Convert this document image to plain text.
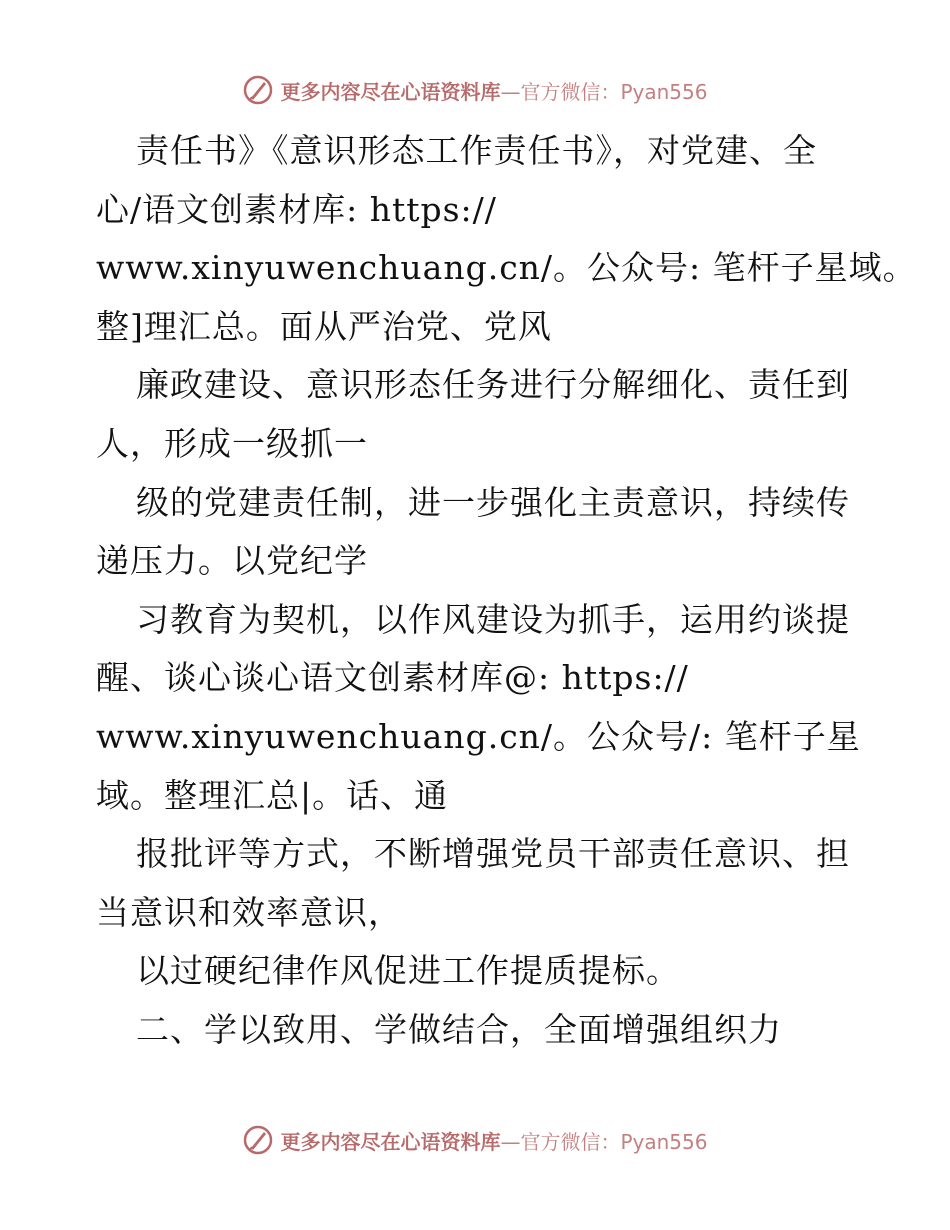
更多内容尽在心语资料库—官方微信：Pyan556
责任书》《意识形态工作责任书》，对党建、全
心/语文创素材库: https://
www.xinyuwenchuang.cn/。公众号: 笔杆子星域。
整]理汇总。面从严治党、党风
廉政建设、意识形态任务进行分解细化、责任到
人，形成一级抓一
级的党建责任制，进一步强化主责意识，持续传
递压力。以党纪学
习教育为契机，以作风建设为抓手，运用约谈提
醒、谈心谈心语文创素材库@: https://
www.xinyuwenchuang.cn/。公众号/: 笔杆子星
域。整理汇总|。话、通
报批评等方式，不断增强党员干部责任意识、担
当意识和效率意识，
以过硬纪律作风促进工作提质提标。
二、学以致用、学做结合，全面增强组织力
更多内容尽在心语资料库—官方微信：Pyan556
